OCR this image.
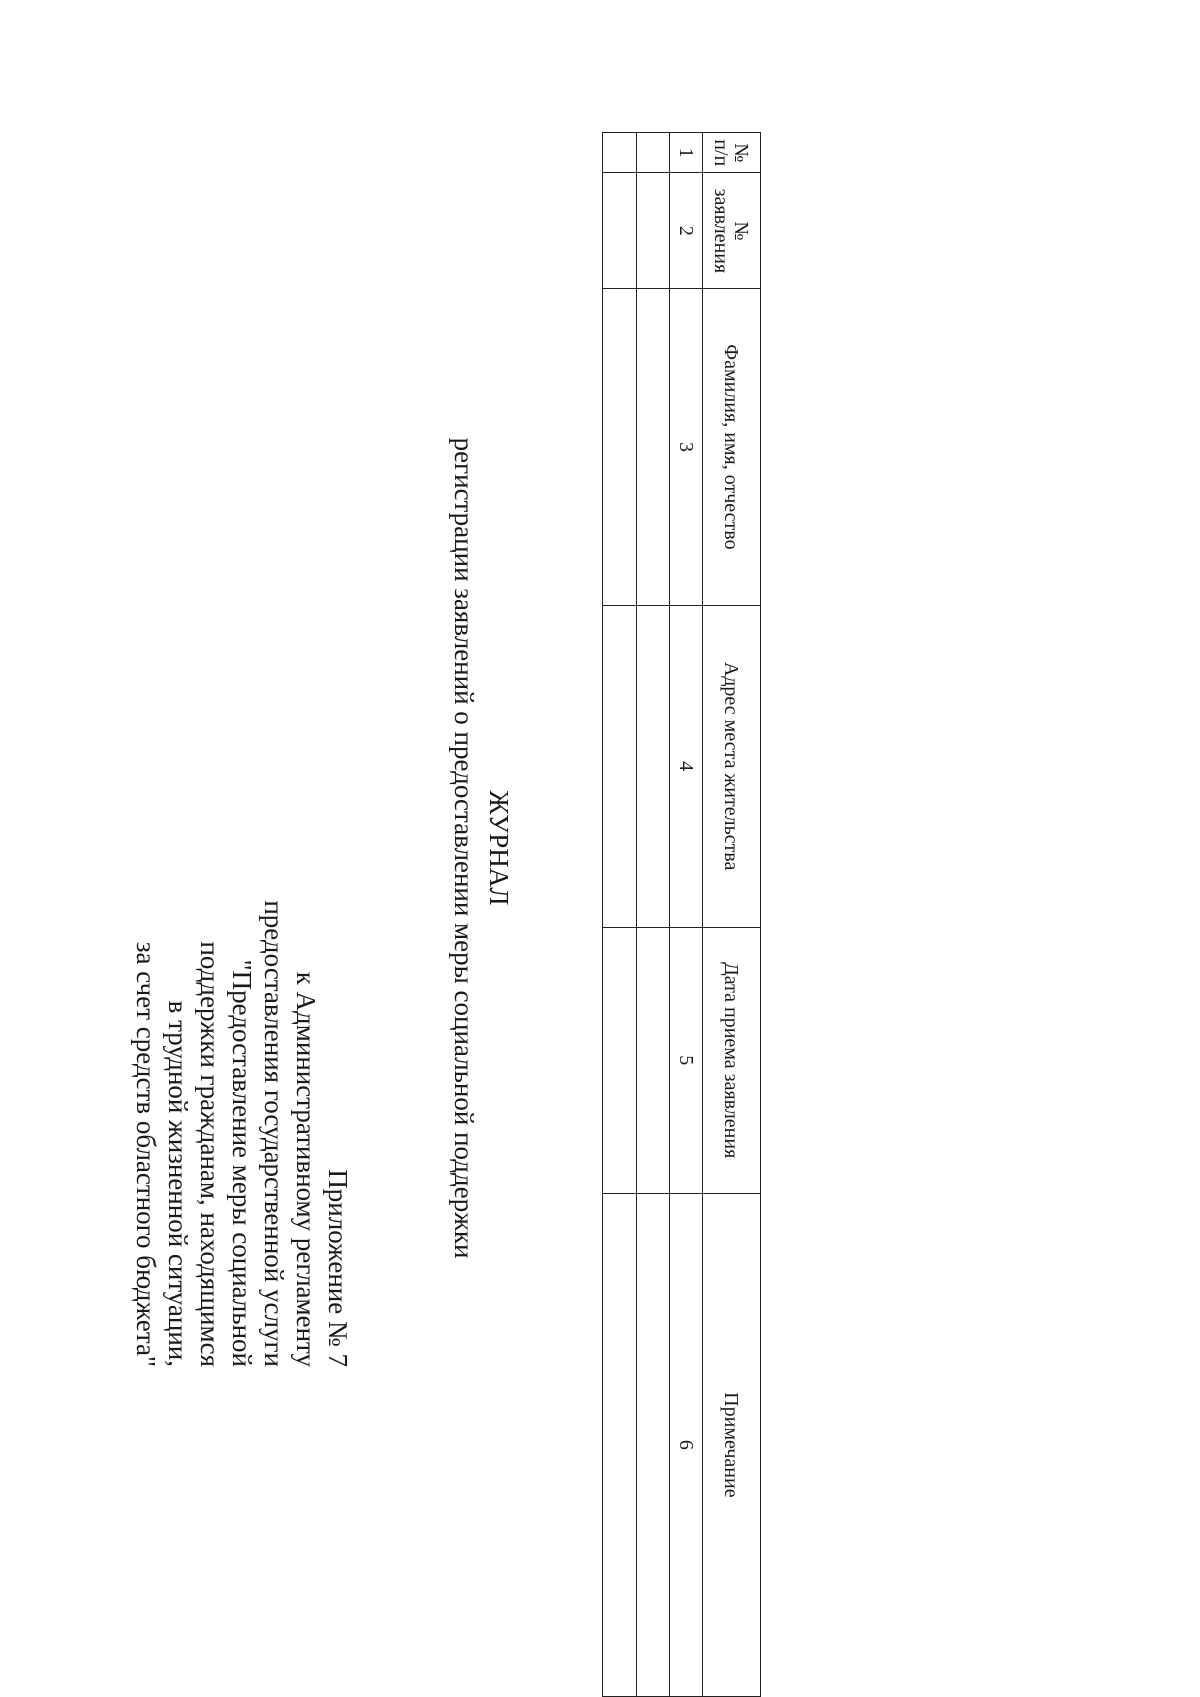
Приложение № 7
к Административному регламенту
предоставления государственной услуги
"Предоставление меры социальной
поддержки гражданам, находящимся
в трудной жизненной ситуации,
за счет средств областного бюджета"
ЖУРНАЛ
регистрации заявлений о предоставлении меры социальной поддержки
№ п/п	№ заявления	Фамилия, имя, отчество	Адрес места жительства	Дата приема заявления	Примечание
1	2	3	4	5	6
